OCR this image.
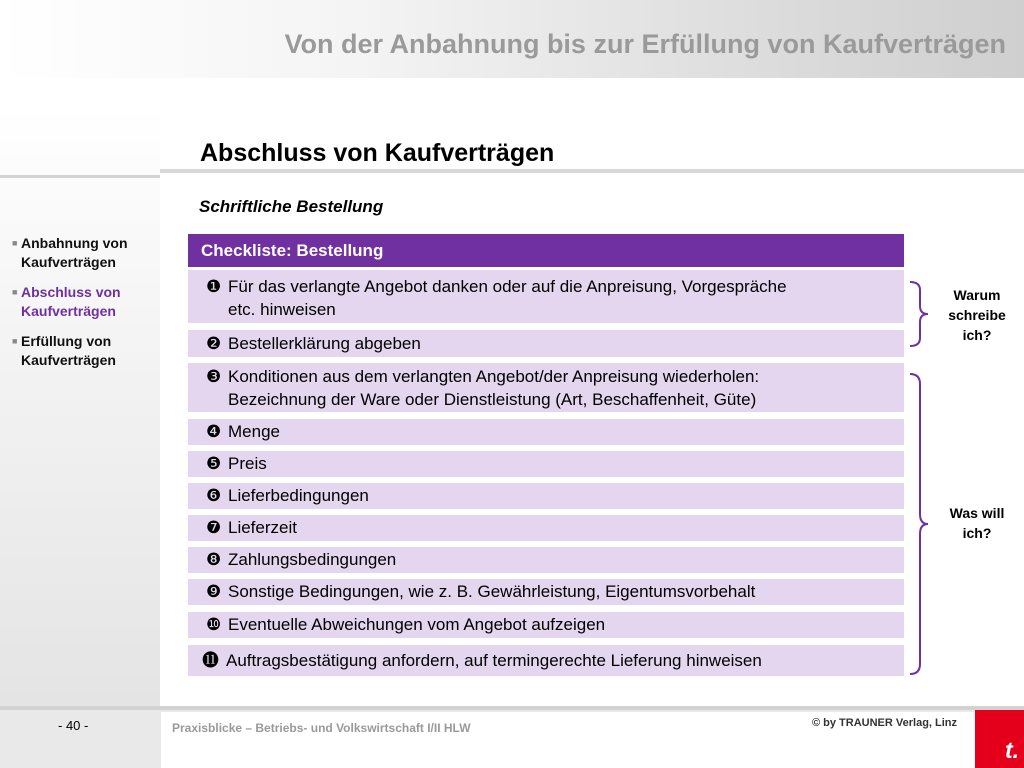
Von der Anbahnung bis zur Erfüllung von Kaufverträgen
■ Anbahnung von
Kaufverträgen
■ Abschluss von
Kaufverträgen
■ Erfüllung von
Kaufverträgen
Abschluss von Kaufverträgen
Schriftliche Bestellung
Checkliste: Bestellung
❶ Für das verlangte Angebot danken oder auf die Anpreisung, Vorgespräche

etc. hinweisen
❷ Bestellerklärung abgeben
❸ Konditionen aus dem verlangten Angebot/der Anpreisung wiederholen:

Bezeichnung der Ware oder Dienstleistung (Art, Beschaffenheit, Güte)
❹ Menge
❺ Preis
❻ Lieferbedingungen
❼ Lieferzeit
❽ Zahlungsbedingungen
❾ Sonstige Bedingungen, wie z. B. Gewährleistung, Eigentumsvorbehalt
❿ Eventuelle Abweichungen vom Angebot aufzeigen
⓫ Auftragsbestätigung anfordern, auf termingerechte Lieferung hinweisen
Warum
schreibe
ich?
Was will
ich?
- 40 -	Praxisblicke – Betriebs- und Volkswirtschaft I/II HLW	© by TRAUNER Verlag, Linz
t.
